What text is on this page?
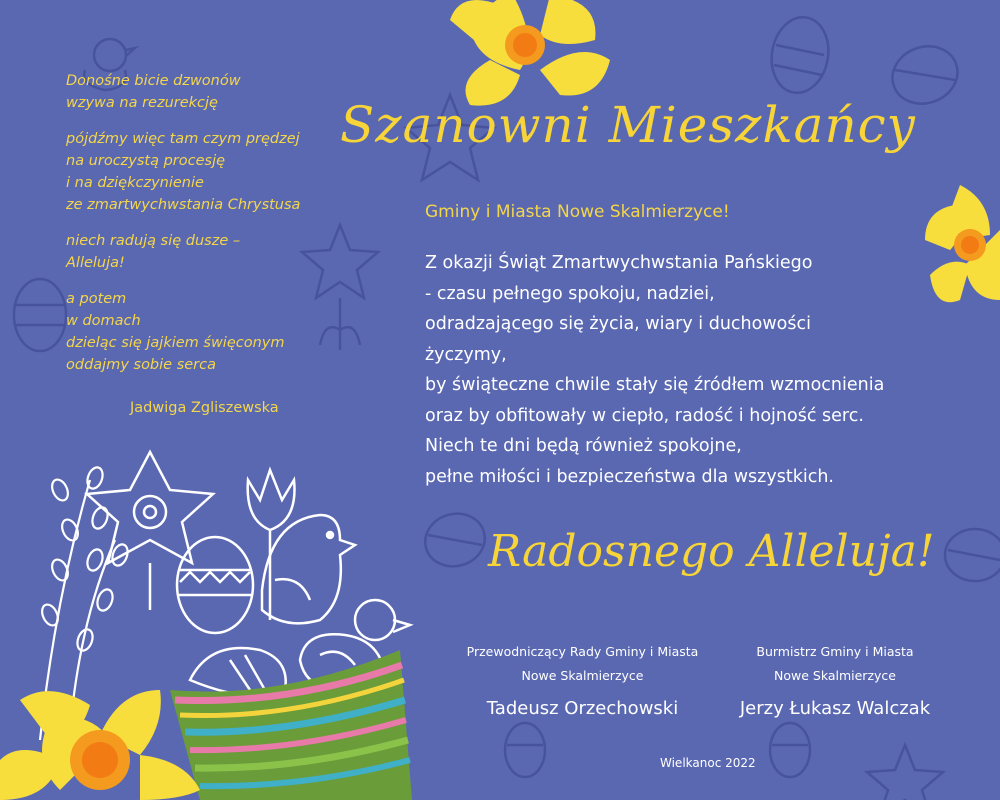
Donośne bicie dzwonów
wzywa na rezurekcję

pójdźmy więc tam czym prędzej
na uroczystą procesję
i na dziękczynienie
ze zmartwychwstania Chrystusa

niech radują się dusze –
Alleluja!

a potem
w domach
dzieląc się jajkiem święconym
oddajmy sobie serca

Jadwiga Zgliszewska
Szanowni Mieszkańcy
Gminy i Miasta Nowe Skalmierzyce!
Z okazji Świąt Zmartwychwstania Pańskiego
- czasu pełnego spokoju, nadziei,
odradzającego się życia, wiary i duchowości
życzymy,
by świąteczne chwile stały się źródłem wzmocnienia
oraz by obfitowały w ciepło, radość i hojność serc.
Niech te dni będą również spokojne,
pełne miłości i bezpieczeństwa dla wszystkich.
Radosnego Alleluja!
Przewodniczący Rady Gminy i Miasta
Nowe Skalmierzyce
Tadeusz Orzechowski
Burmistrz Gminy i Miasta
Nowe Skalmierzyce
Jerzy Łukasz Walczak
Wielkanoc 2022
